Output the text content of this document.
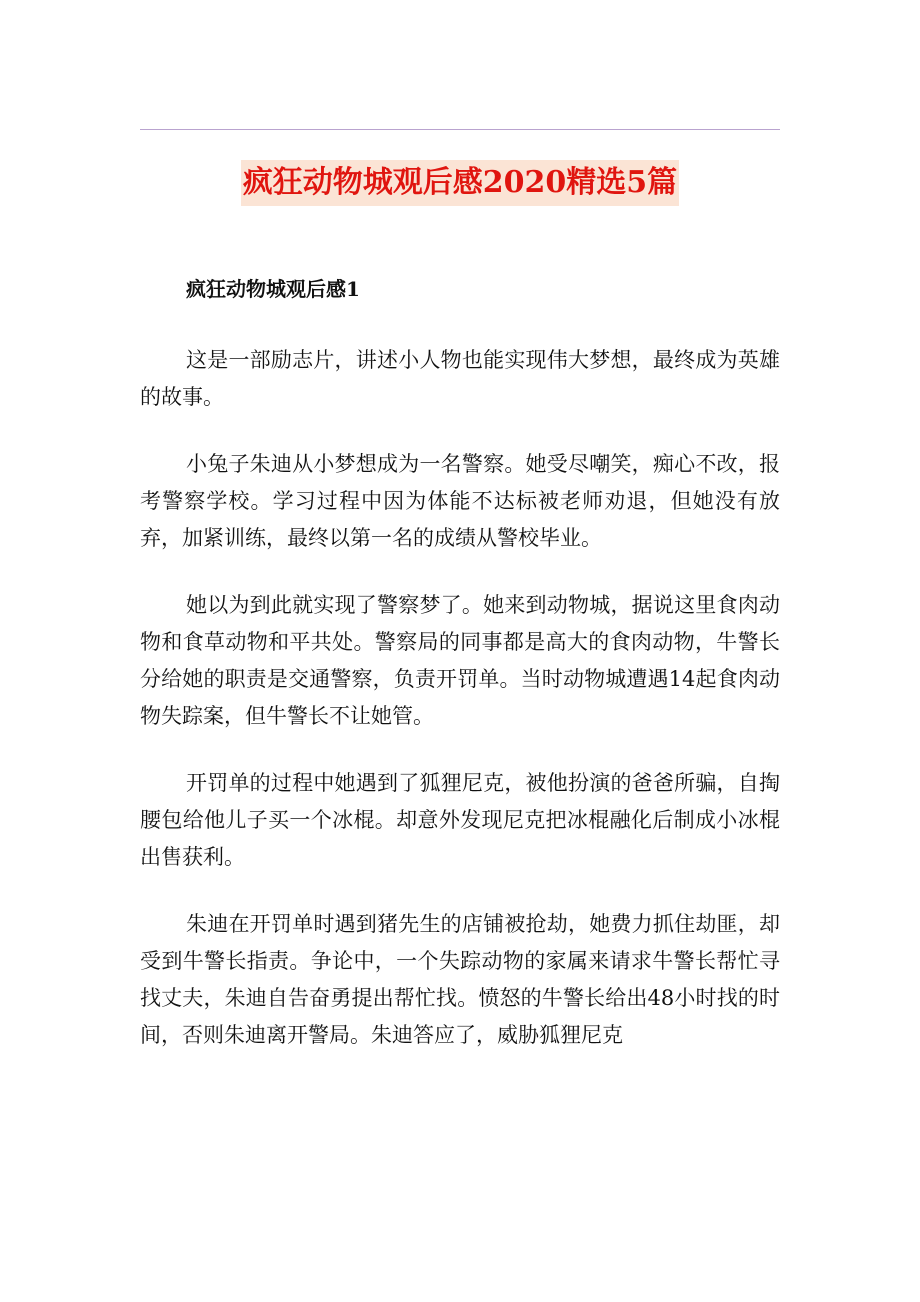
疯狂动物城观后感2020精选5篇

疯狂动物城观后感1

这是一部励志片，讲述小人物也能实现伟大梦想，最终成为英雄的故事。

小兔子朱迪从小梦想成为一名警察。她受尽嘲笑，痴心不改，报考警察学校。学习过程中因为体能不达标被老师劝退，但她没有放弃，加紧训练，最终以第一名的成绩从警校毕业。

她以为到此就实现了警察梦了。她来到动物城，据说这里食肉动物和食草动物和平共处。警察局的同事都是高大的食肉动物，牛警长分给她的职责是交通警察，负责开罚单。当时动物城遭遇14起食肉动物失踪案，但牛警长不让她管。

开罚单的过程中她遇到了狐狸尼克，被他扮演的爸爸所骗，自掏腰包给他儿子买一个冰棍。却意外发现尼克把冰棍融化后制成小冰棍出售获利。

朱迪在开罚单时遇到猪先生的店铺被抢劫，她费力抓住劫匪，却受到牛警长指责。争论中，一个失踪动物的家属来请求牛警长帮忙寻找丈夫，朱迪自告奋勇提出帮忙找。愤怒的牛警长给出48小时找的时间，否则朱迪离开警局。朱迪答应了，威胁狐狸尼克
